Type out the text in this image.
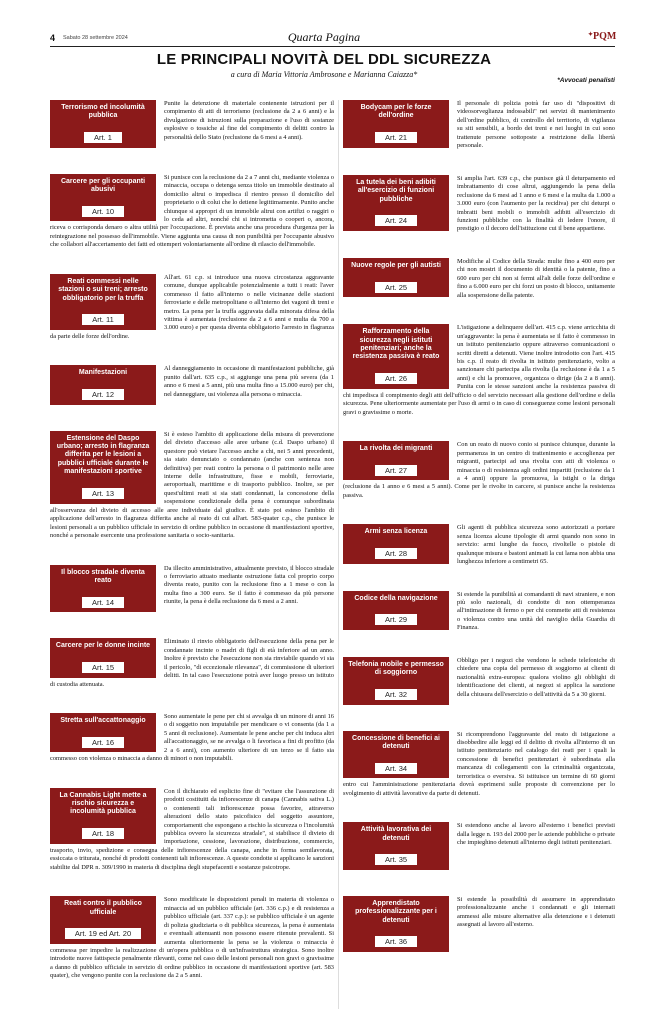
4 Sabato 28 settembre 2024	Quarta Pagina	✦PQM
LE PRINCIPALI NOVITÀ DEL DDL SICUREZZA
a cura di Maria Vittoria Ambrosone e Marianna Caiazza*
*Avvocati penalisti
Terrorismo ed incolumità pubblica

Art. 1
Punite la detenzione di materiale contenente istruzioni per il compimento di atti di terrorismo (reclusione da 2 a 6 anni) e la divulgazione di istruzioni sulla preparazione e l'uso di sostanze esplosive o tossiche al fine del compimento di delitti contro la personalità dello Stato (reclusione da 6 mesi a 4 anni).
Carcere per gli occupanti abusivi

Art. 10
Si punisce con la reclusione da 2 a 7 anni chi, mediante violenza o minaccia, occupa o detenga senza titolo un immobile destinato al domicilio altrui o impedisca il rientro presso il domicilio del proprietario o di colui che lo detiene legittimamente. Punito anche chiunque si appropri di un immobile altrui con artifizi o raggiri o lo ceda ad altri, nonché chi si intrometta o cooperi o, ancora, riceva o corrisponda denaro o altra utilità per l'occupazione. È prevista anche una procedura d'urgenza per la reintegrazione nel possesso dell'immobile. Viene aggiunta una causa di non punibilità per l'occupante abusivo che collabori all'accertamento dei fatti ed ottemperi volontariamente all'ordine di rilascio dell'immobile.
Reati commessi nelle stazioni o sui treni; arresto obbligatorio per la truffa

Art. 11
All'art. 61 c.p. si introduce una nuova circostanza aggravante comune, dunque applicabile potenzialmente a tutti i reati: l'aver commesso il fatto all'interno o nelle vicinanze delle stazioni ferroviarie e delle metropolitane o all'interno dei vagoni di treni e metro. La pena per la truffa aggravata dalla minorata difesa della vittima è aumentata (reclusione da 2 a 6 anni e multa da 700 a 3.000 euro) e per questa diventa obbligatorio l'arresto in flagranza da parte delle forze dell'ordine.
Manifestazioni

Art. 12
Al danneggiamento in occasione di manifestazioni pubbliche, già punito dall'art. 635 c.p., si aggiunge una pena più severa (da 1 anno e 6 mesi a 5 anni, più una multa fino a 15.000 euro) per chi, nel danneggiare, usi violenza alla persona o minaccia.
Estensione del Daspo urbano; arresto in flagranza differita per le lesioni a pubblici ufficiale durante le manifestazioni sportive

Art. 13
Si è esteso l'ambito di applicazione della misura di prevenzione del divieto d'accesso alle aree urbane (c.d. Daspo urbano) il questore può vietare l'accesso anche a chi, nei 5 anni precedenti, sia stato denunciato o condannato (anche con sentenza non definitiva) per reati contro la persona o il patrimonio nelle aree interne delle infrastrutture, fisse e mobili, ferroviarie, aeroportuali, marittime e di trasporto pubblico. Inoltre, se per quest'ultimi reati si sia stati condannati, la concessione della sospensione condizionale della pena è comunque subordinata all'osservanza del divieto di accesso alle aree individuate dal giudice. È stato poi esteso l'ambito di applicazione dell'arresto in flagranza differita anche al reato di cui all'art. 583-quater c.p., che punisce le lesioni personali a un pubblico ufficiale in servizio di ordine pubblico in occasione di manifestazioni sportive, nonché a personale esercente una professione sanitaria o socio-sanitaria.
Il blocco stradale diventa reato

Art. 14
Da illecito amministrativo, attualmente previsto, il blocco stradale o ferroviario attuato mediante ostruzione fatta col proprio corpo diventa reato, punito con la reclusione fino a 1 mese o con la multa fino a 300 euro. Se il fatto è commesso da più persone riunite, la pena è della reclusione da 6 mesi a 2 anni.
Carcere per le donne incinte

Art. 15
Eliminato il rinvio obbligatorio dell'esecuzione della pena per le condannate incinte o madri di figli di età inferiore ad un anno. Inoltre è previsto che l'esecuzione non sia rinviabile quando vi sia il pericolo, "di eccezionale rilevanza", di commissione di ulteriori delitti. In tal caso l'esecuzione potrà aver luogo presso un istituto di custodia attenuata.
Stretta sull'accattonaggio

Art. 16
Sono aumentate le pene per chi si avvalga di un minore di anni 16 o di soggetto non imputabile per mendicare o vi consenta (da 1 a 5 anni di reclusione). Aumentate le pene anche per chi induca altri all'accattonaggio, se ne avvalga o li favorisca a fini di profitto (da 2 a 6 anni), con aumento ulteriore di un terzo se il fatto sia commesso con violenza o minaccia a danno di minori o non imputabili.
La Cannabis Light mette a rischio sicurezza e incolumità pubblica

Art. 18
Con il dichiarato ed esplicito fine di "evitare che l'assunzione di prodotti costituiti da infiorescenze di canapa (Cannabis sativa L.) o contenenti tali infiorescenze possa favorire, attraverso alterazioni dello stato psicofisico del soggetto assuntore, comportamenti che espongano a rischio la sicurezza o l'incolumità pubblica ovvero la sicurezza stradale", si stabilisce il divieto di importazione, cessione, lavorazione, distribuzione, commercio, trasporto, invio, spedizione e consegna delle infiorescenze della canapa, anche in forma semilavorata, essiccata o triturata, nonché di prodotti contenenti tali infiorescenze. A queste condotte si applicano le sanzioni stabilite dal DPR n. 309/1990 in materia di disciplina degli stupefacenti e sostanze psicotrope.
Reati contro il pubblico ufficiale

Art. 19 ed Art. 20
Sono modificate le disposizioni penali in materia di violenza o minaccia ad un pubblico ufficiale (art. 336 c.p.) e di resistenza a pubblico ufficiale (art. 337 c.p.): se pubblico ufficiale è un agente di polizia giudiziaria o di pubblica sicurezza, la pena è aumentata e eventuali attenuanti non possono essere ritenute prevalenti. Si aumenta ulteriormente la pena se la violenza o minaccia è commessa per impedire la realizzazione di un'opera pubblica o di un'infrastruttura strategica. Sono inoltre introdotte nuove fattispecie penalmente rilevanti, come nel caso delle lesioni personali non gravi o gravissime a danno di pubblico ufficiale in servizio di ordine pubblico in occasione di manifestazioni sportive (art. 583 quater), che vengono punite con la reclusione da 2 a 5 anni.
Bodycam per le forze dell'ordine

Art. 21
Il personale di polizia potrà far uso di "dispositivi di videosorveglianza indossabili" nei servizi di mantenimento dell'ordine pubblico, di controllo del territorio, di vigilanza su siti sensibili, a bordo dei treni e nei luoghi in cui sono trattenute persone sottoposte a restrizione della libertà personale.
La tutela dei beni adibiti all'esercizio di funzioni pubbliche

Art. 24
Si amplia l'art. 639 c.p., che punisce già il deturpamento ed imbrattamento di cose altrui, aggiungendo la pena della reclusione da 6 mesi ad 1 anno e 6 mesi e la multa da 1.000 a 3.000 euro (con l'aumento per la recidiva) per chi deturpi o imbratti beni mobili o immobili adibiti all'esercizio di funzioni pubbliche con la finalità di ledere l'onore, il prestigio o il decoro dell'istituzione cui il bene appartiene.
Nuove regole per gli autisti

Art. 25
Modifiche al Codice della Strada: multe fino a 400 euro per chi non mostri il documento di identità o la patente, fino a 600 euro per chi non si fermi all'alt delle forze dell'ordine e fino a 6.000 euro per chi forzi un posto di blocco, unitamente alla sospensione della patente.
Rafforzamento della sicurezza negli istituti penitenziari; anche la resistenza passiva è reato

Art. 26
L'istigazione a delinquere dell'art. 415 c.p. viene arricchita di un'aggravante: la pena è aumentata se il fatto è commesso in un istituto penitenziario oppure attraverso comunicazioni o scritti diretti a detenuti. Viene inoltre introdotto con l'art. 415 bis c.p. il reato di rivolta in istituto penitenziario, volto a sanzionare chi partecipa alla rivolta (la reclusione è da 1 a 5 anni) e chi la promuove, organizza o dirige (da 2 a 8 anni). Punita con le stesse sanzioni anche la resistenza passiva di chi impedisca il compimento degli atti dell'ufficio o del servizio necessari alla gestione dell'ordine e della sicurezza. Pene ulteriormente aumentate per l'uso di armi o in caso di conseguenze come lesioni personali gravi o gravissime o morte.
La rivolta dei migranti

Art. 27
Con un reato di nuovo conio si punisce chiunque, durante la permanenza in un centro di trattenimento e accoglienza per migranti, partecipi ad una rivolta con atti di violenza o minaccia o di resistenza agli ordini impartiti (reclusione da 1 a 4 anni) oppure la promuova, la istighi o la diriga (reclusione da 1 anno e 6 mesi a 5 anni). Come per le rivolte in carcere, si punisce anche la resistenza passiva.
Armi senza licenza

Art. 28
Gli agenti di pubblica sicurezza sono autorizzati a portare senza licenza alcune tipologie di armi quando non sono in servizio: armi lunghe da fuoco, rivoltelle o pistole di qualunque misura e bastoni animati la cui lama non abbia una lunghezza inferiore a centimetri 65.
Codice della navigazione

Art. 29
Si estende la punibilità ai comandanti di navi straniere, e non più solo nazionali, di condotte di non ottemperanza all'intimazione di fermo o per chi commette atti di resistenza o violenza contro una unità del naviglio della Guardia di Finanza.
Telefonia mobile e permesso di soggiorno

Art. 32
Obbligo per i negozi che vendono le schede telefoniche di chiedere una copia del permesso di soggiorno ai clienti di nazionalità extra-europea: qualora violino gli obblighi di identificazione dei clienti, ai negozi si applica la sanzione della chiusura dell'esercizio o dell'attività da 5 a 30 giorni.
Concessione di benefici ai detenuti

Art. 34
Si ricomprendono l'aggravante del reato di istigazione a disobbedire alle leggi ed il delitto di rivolta all'interno di un istituto penitenziario nel catalogo dei reati per i quali la concessione di benefici penitenziari è subordinata alla mancanza di collegamenti con la criminalità organizzata, terroristica o eversiva. Si istituisce un termine di 60 giorni entro cui l'amministrazione penitenziaria dovrà esprimersi sulle proposte di convenzione per lo svolgimento di attività lavorative da parte di detenuti.
Attività lavorativa dei detenuti

Art. 35
Si estendono anche al lavoro all'esterno i benefici previsti dalla legge n. 193 del 2000 per le aziende pubbliche o private che impieghino detenuti all'interno degli istituti penitenziari.
Apprendistato professionalizzante per i detenuti

Art. 36
Si estende la possibilità di assumere in apprendistato professionalizzante anche i condannati e gli internati ammessi alle misure alternative alla detenzione e i detenuti assegnati al lavoro all'esterno.
